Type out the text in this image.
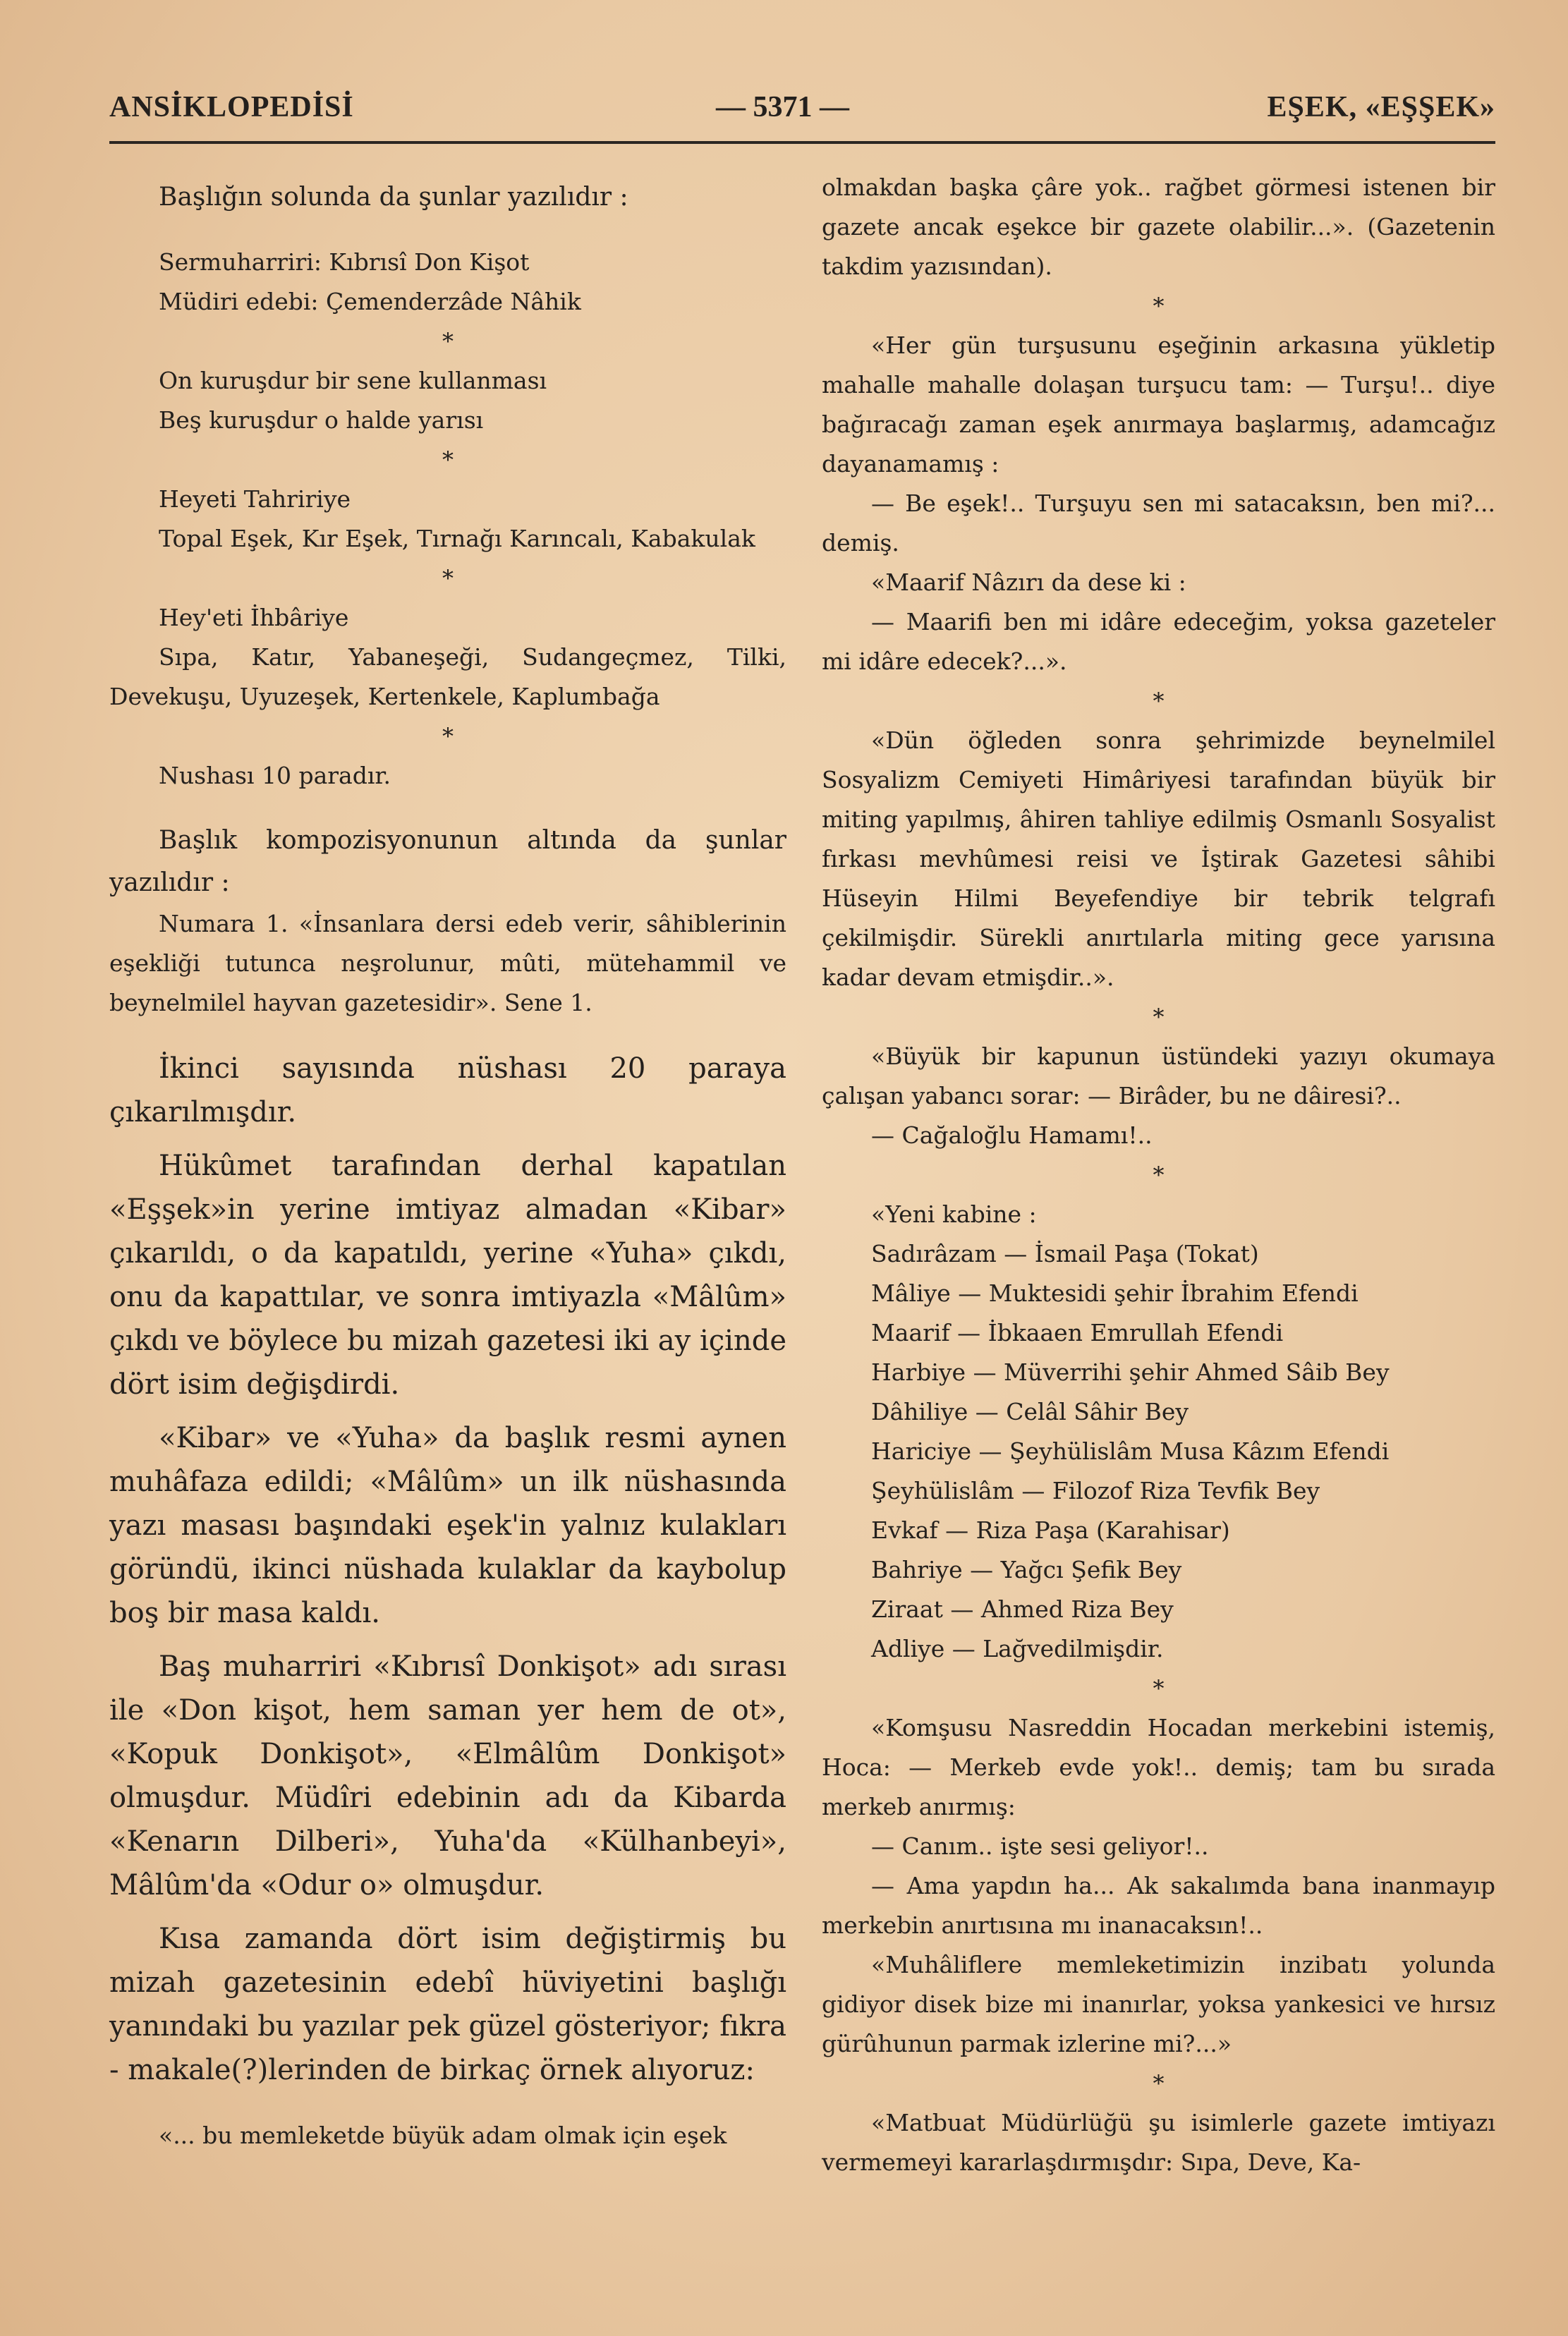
ANSİKLOPEDİSİ	— 5371 —	EŞEK, «EŞŞEK»

Başlığın solunda da şunlar yazılıdır :

Sermuharriri: Kıbrısî Don Kişot

Müdiri edebi: Çemenderzâde Nâhik

*

On kuruşdur bir sene kullanması

Beş kuruşdur o halde yarısı

*

Heyeti Tahririye

Topal Eşek, Kır Eşek, Tırnağı Karıncalı, Kabakulak

*

Hey'eti İhbâriye

Sıpa, Katır, Yabaneşeği, Sudangeçmez, Tilki, Devekuşu, Uyuzeşek, Kertenkele, Kaplumbağa

*

Nushası 10 paradır.

Başlık kompozisyonunun altında da şunlar yazılıdır :

Numara 1. «İnsanlara dersi edeb verir, sâhiblerinin eşekliği tutunca neşrolunur, mûti, mütehammil ve beynelmilel hayvan gazetesidir». Sene 1.

İkinci sayısında nüshası 20 paraya çıkarılmışdır.

Hükûmet tarafından derhal kapatılan «Eşşek»in yerine imtiyaz almadan «Kibar» çıkarıldı, o da kapatıldı, yerine «Yuha» çıkdı, onu da kapattılar, ve sonra imtiyazla «Mâlûm» çıkdı ve böylece bu mizah gazetesi iki ay içinde dört isim değişdirdi.

«Kibar» ve «Yuha» da başlık resmi aynen muhâfaza edildi; «Mâlûm» un ilk nüshasında yazı masası başındaki eşek'in yalnız kulakları göründü, ikinci nüshada kulaklar da kaybolup boş bir masa kaldı.

Baş muharriri «Kıbrısî Donkişot» adı sırası ile «Don kişot, hem saman yer hem de ot», «Kopuk Donkişot», «Elmâlûm Donkişot» olmuşdur. Müdîri edebinin adı da Kibarda «Kenarın Dilberi», Yuha'da «Külhanbeyi», Mâlûm'da «Odur o» olmuşdur.

Kısa zamanda dört isim değiştirmiş bu mizah gazetesinin edebî hüviyetini başlığı yanındaki bu yazılar pek güzel gösteriyor; fıkra - makale(?)lerinden de birkaç örnek alıyoruz:

«... bu memleketde büyük adam olmak için eşek

olmakdan başka çâre yok.. rağbet görmesi istenen bir gazete ancak eşekce bir gazete olabilir...». (Gazetenin takdim yazısından).

*

«Her gün turşusunu eşeğinin arkasına yükletip mahalle mahalle dolaşan turşucu tam: — Turşu!.. diye bağıracağı zaman eşek anırmaya başlarmış, adamcağız dayanamamış :

— Be eşek!.. Turşuyu sen mi satacaksın, ben mi?... demiş.

«Maarif Nâzırı da dese ki :

— Maarifi ben mi idâre edeceğim, yoksa gazeteler mi idâre edecek?...».

*

«Dün öğleden sonra şehrimizde beynelmilel Sosyalizm Cemiyeti Himâriyesi tarafından büyük bir miting yapılmış, âhiren tahliye edilmiş Osmanlı Sosyalist fırkası mevhûmesi reisi ve İştirak Gazetesi sâhibi Hüseyin Hilmi Beyefendiye bir tebrik telgrafı çekilmişdir. Sürekli anırtılarla miting gece yarısına kadar devam etmişdir..».

*

«Büyük bir kapunun üstündeki yazıyı okumaya çalışan yabancı sorar: — Birâder, bu ne dâiresi?..

— Cağaloğlu Hamamı!..

*

«Yeni kabine :

Sadırâzam — İsmail Paşa (Tokat)

Mâliye — Muktesidi şehir İbrahim Efendi

Maarif — İbkaaen Emrullah Efendi

Harbiye — Müverrihi şehir Ahmed Sâib Bey

Dâhiliye — Celâl Sâhir Bey

Hariciye — Şeyhülislâm Musa Kâzım Efendi

Şeyhülislâm — Filozof Riza Tevfik Bey

Evkaf — Riza Paşa (Karahisar)

Bahriye — Yağcı Şefik Bey

Ziraat — Ahmed Riza Bey

Adliye — Lağvedilmişdir.

*

«Komşusu Nasreddin Hocadan merkebini istemiş, Hoca: — Merkeb evde yok!.. demiş; tam bu sırada merkeb anırmış:

— Canım.. işte sesi geliyor!..

— Ama yapdın ha... Ak sakalımda bana inanmayıp merkebin anırtısına mı inanacaksın!..

«Muhâliflere memleketimizin inzibatı yolunda gidiyor disek bize mi inanırlar, yoksa yankesici ve hırsız gürûhunun parmak izlerine mi?...»

*

«Matbuat Müdürlüğü şu isimlerle gazete imtiyazı vermemeyi kararlaşdırmışdır: Sıpa, Deve, Ka-
